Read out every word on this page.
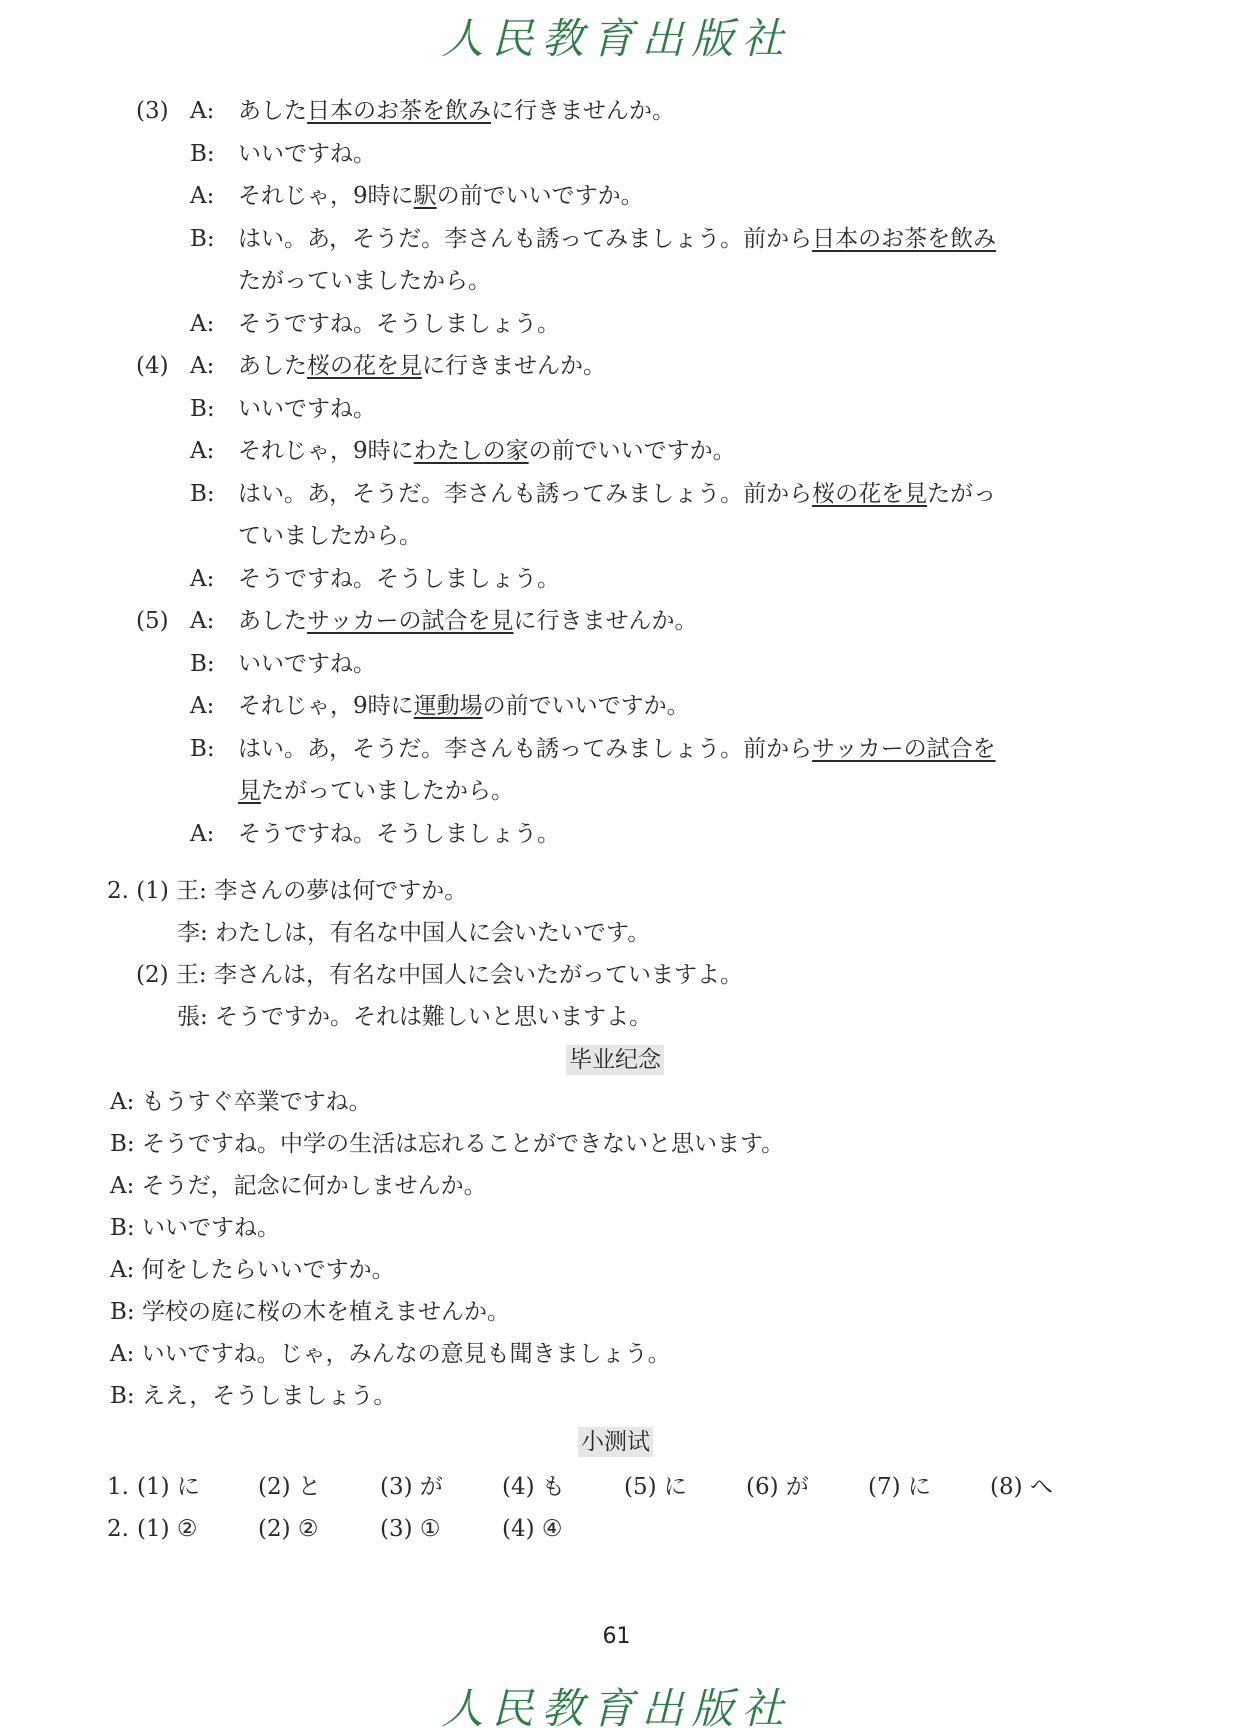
人民教育出版社
(3) A:あした日本のお茶を飲みに行きませんか。
B:いいですね。
A:それじゃ，9時に駅の前でいいですか。
B:はい。あ，そうだ。李さんも誘ってみましょう。前から日本のお茶を飲み
たがっていましたから。
A:そうですね。そうしましょう。
(4) A:あした桜の花を見に行きませんか。
B:いいですね。
A:それじゃ，9時にわたしの家の前でいいですか。
B:はい。あ，そうだ。李さんも誘ってみましょう。前から桜の花を見たがっ
ていましたから。
A:そうですね。そうしましょう。
(5) A:あしたサッカーの試合を見に行きませんか。
B:いいですね。
A:それじゃ，9時に運動場の前でいいですか。
B:はい。あ，そうだ。李さんも誘ってみましょう。前からサッカーの試合を
見たがっていましたから。
A:そうですね。そうしましょう。
2. (1) 王: 李さんの夢は何ですか。
李: わたしは，有名な中国人に会いたいです。
(2) 王: 李さんは，有名な中国人に会いたがっていますよ。
張: そうですか。それは難しいと思いますよ。
毕业纪念
A: もうすぐ卒業ですね。
B: そうですね。中学の生活は忘れることができないと思います。
A: そうだ，記念に何かしませんか。
B: いいですね。
A: 何をしたらいいですか。
B: 学校の庭に桜の木を植えませんか。
A: いいですね。じゃ，みんなの意見も聞きましょう。
B: ええ，そうしましょう。
小测试
1. (1) に	(2) と	(3) が	(4) も	(5) に	(6) が	(7) に	(8) へ
2. (1) ②	(2) ②	(3) ①	(4) ④
61
人民教育出版社
